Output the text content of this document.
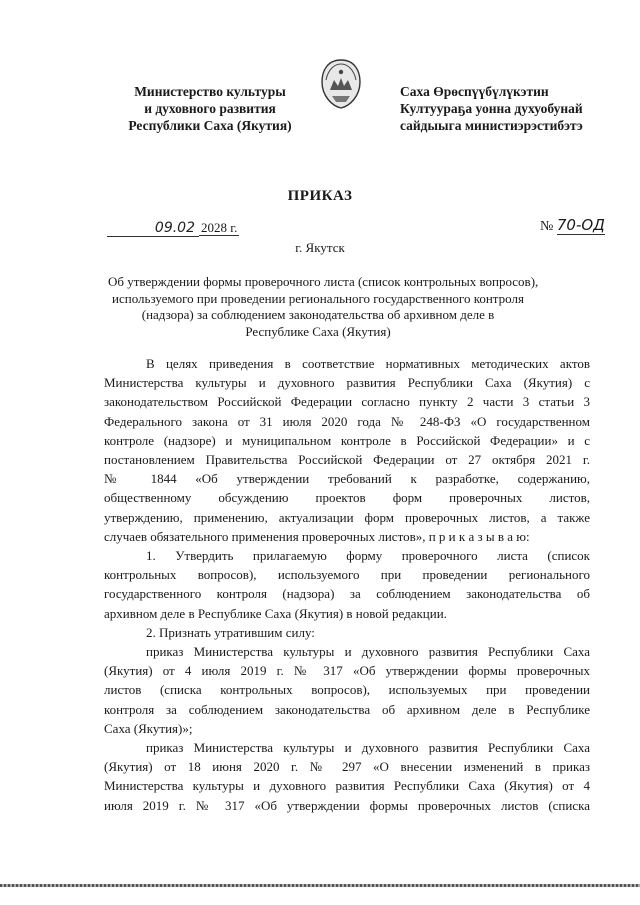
Министерство культуры
и духовного развития
Республики Саха (Якутия)
Саха Өрөспүүбүлүкэтин
Култуураҕа уонна духуобунай
сайдыыга министиэрэстибэтэ
ПРИКАЗ
09.02 2028 г.	№ 70-ОД
г. Якутск
Об утверждении формы проверочного листа (список контрольных вопросов),
используемого при проведении регионального государственного контроля
(надзора) за соблюдением законодательства об архивном деле в
Республике Саха (Якутия)
В целях приведения в соответствие нормативных методических актов
Министерства культуры и духовного развития Республики Саха (Якутия) с
законодательством Российской Федерации согласно пункту 2 части 3 статьи 3
Федерального закона от 31 июля 2020 года № 248-ФЗ «О государственном
контроле (надзоре) и муниципальном контроле в Российской Федерации» и с
постановлением Правительства Российской Федерации от 27 октября 2021 г.
№ 1844 «Об утверждении требований к разработке, содержанию,
общественному обсуждению проектов форм проверочных листов,
утверждению, применению, актуализации форм проверочных листов, а также
случаев обязательного применения проверочных листов», п р и к а з ы в а ю:
1. Утвердить прилагаемую форму проверочного листа (список
контрольных вопросов), используемого при проведении регионального
государственного контроля (надзора) за соблюдением законодательства об
архивном деле в Республике Саха (Якутия) в новой редакции.
2. Признать утратившим силу:
приказ Министерства культуры и духовного развития Республики Саха
(Якутия) от 4 июля 2019 г. № 317 «Об утверждении формы проверочных
листов (списка контрольных вопросов), используемых при проведении
контроля за соблюдением законодательства об архивном деле в Республике
Саха (Якутия)»;
приказ Министерства культуры и духовного развития Республики Саха
(Якутия) от 18 июня 2020 г. № 297 «О внесении изменений в приказ
Министерства культуры и духовного развития Республики Саха (Якутия) от 4
июля 2019 г. № 317 «Об утверждении формы проверочных листов (списка
